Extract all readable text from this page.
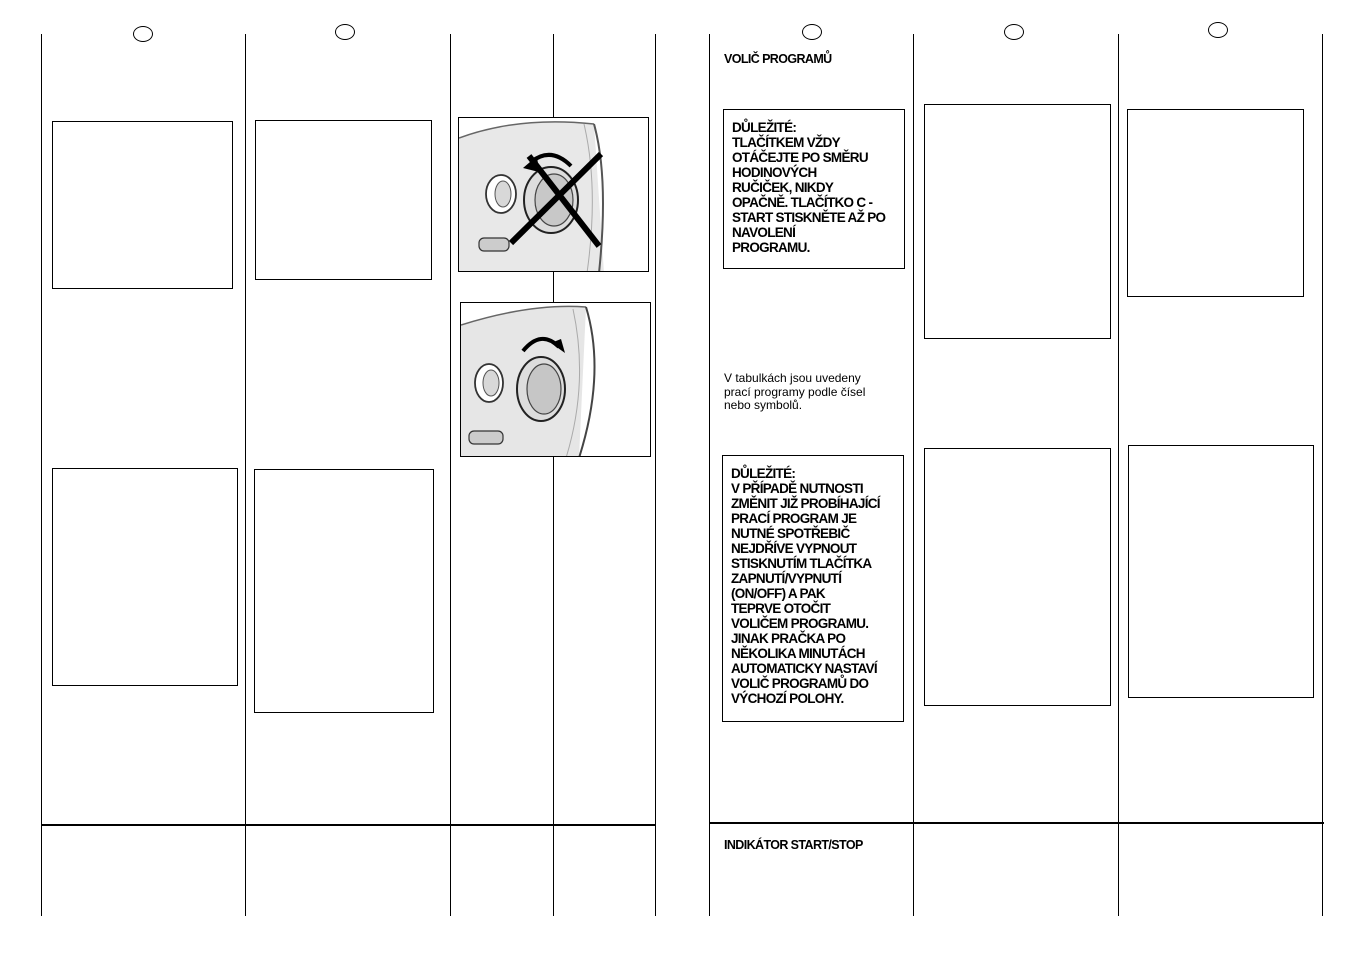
VOLIČ PROGRAMŮ
DŮLEŽITÉ:
TLAČÍTKEM VŽDY
OTÁČEJTE PO SMĚRU
HODINOVÝCH
RUČIČEK, NIKDY
OPAČNĚ. TLAČÍTKO C -
START STISKNĚTE AŽ PO
NAVOLENÍ
PROGRAMU.
V tabulkách jsou uvedeny
prací programy podle čísel
nebo symbolů.
DŮLEŽITÉ:
V PŘÍPADĚ NUTNOSTI
ZMĚNIT JIŽ PROBÍHAJÍCÍ
PRACÍ PROGRAM JE
NUTNÉ SPOTŘEBIČ
NEJDŘÍVE VYPNOUT
STISKNUTÍM TLAČÍTKA
ZAPNUTÍ/VYPNUTÍ
(ON/OFF) A PAK
TEPRVE OTOČIT
VOLIČEM PROGRAMU.
JINAK PRAČKA PO
NĚKOLIKA MINUTÁCH
AUTOMATICKY NASTAVÍ
VOLIČ PROGRAMŮ DO
VÝCHOZÍ POLOHY.
INDIKÁTOR START/STOP
